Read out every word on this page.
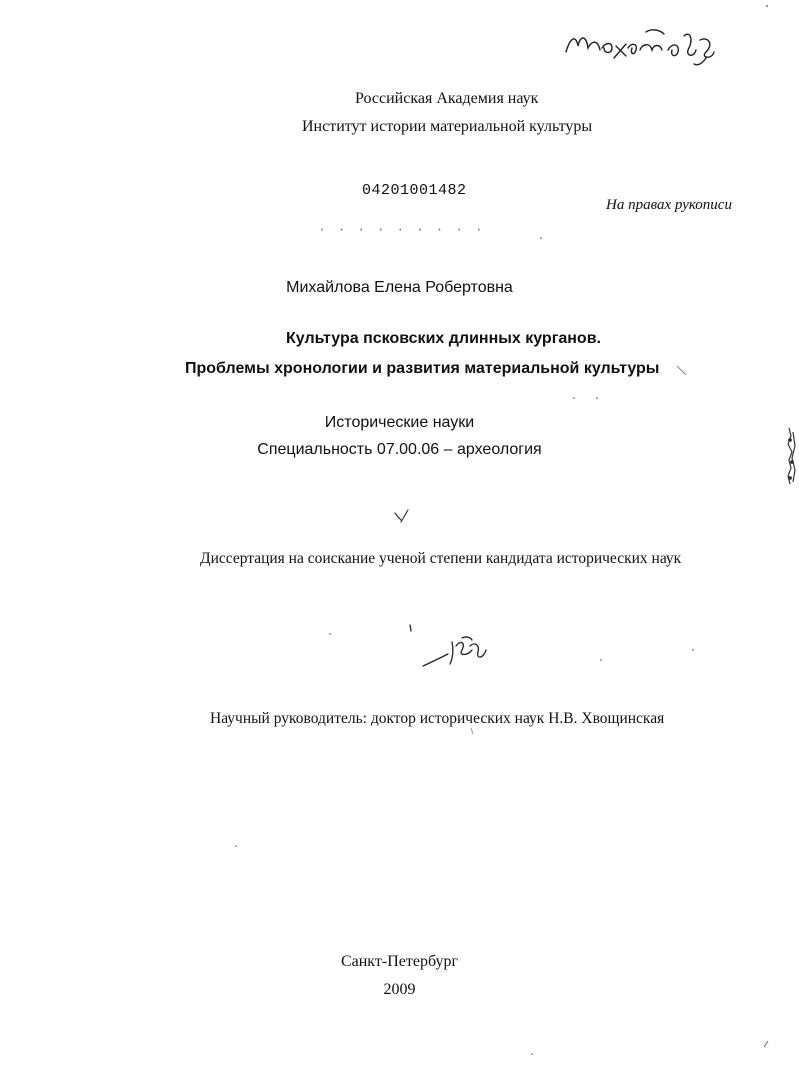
Российская Академия наук
Институт истории материальной культуры
04201001482
На правах рукописи
· · · · · · · · ·
Михайлова Елена Робертовна
Культура псковских длинных курганов.
Проблемы хронологии и развития материальной культуры
Исторические науки
Специальность 07.00.06 – археология
Диссертация на соискание ученой степени кандидата исторических наук
Научный руководитель: доктор исторических наук Н.В. Хвощинская
Санкт-Петербург
2009
